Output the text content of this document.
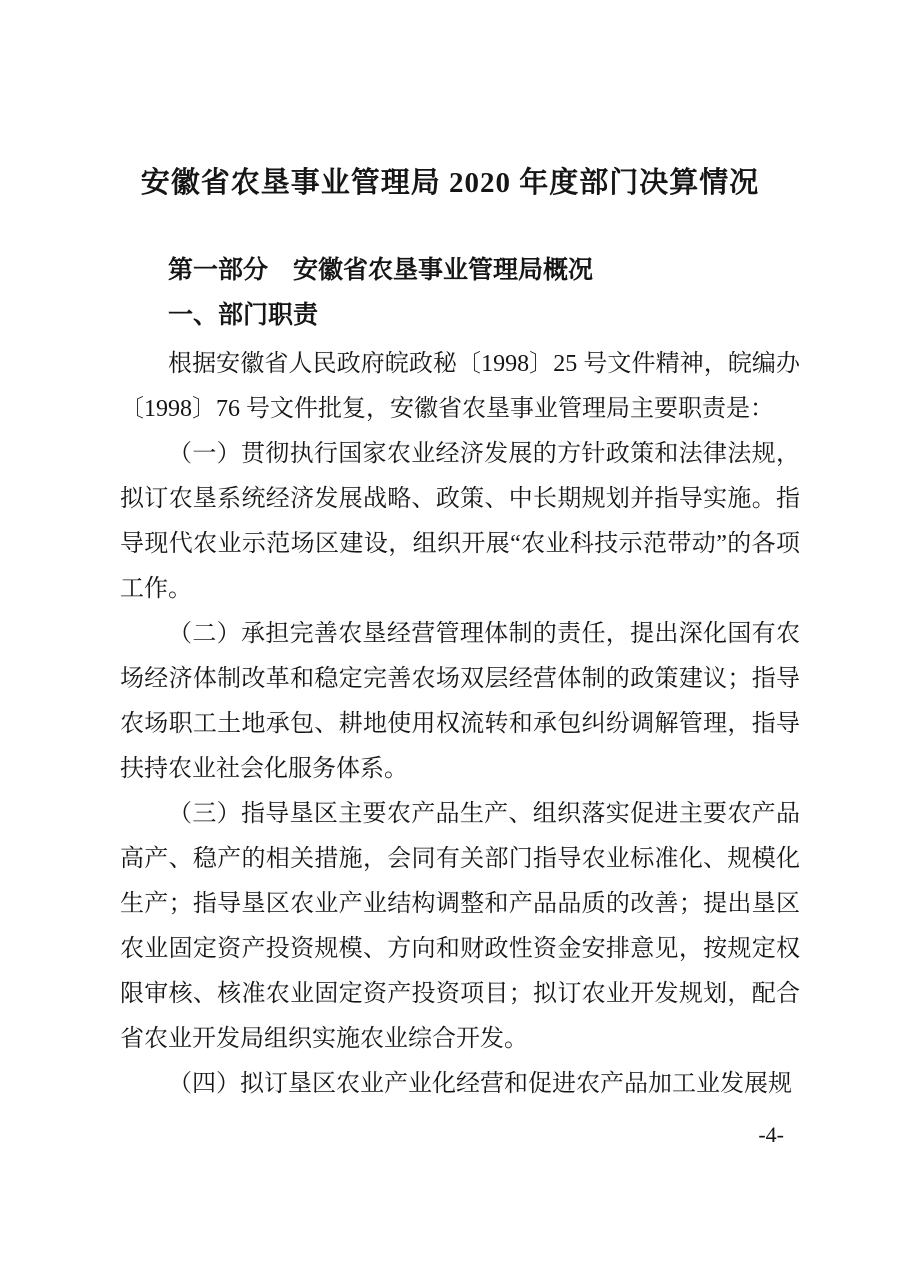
安徽省农垦事业管理局 2020 年度部门决算情况
第一部分　安徽省农垦事业管理局概况
一、部门职责

根据安徽省人民政府皖政秘〔1998〕25 号文件精神，皖编办〔1998〕76 号文件批复，安徽省农垦事业管理局主要职责是：

（一）贯彻执行国家农业经济发展的方针政策和法律法规，拟订农垦系统经济发展战略、政策、中长期规划并指导实施。指导现代农业示范场区建设，组织开展“农业科技示范带动”的各项工作。

（二）承担完善农垦经营管理体制的责任，提出深化国有农场经济体制改革和稳定完善农场双层经营体制的政策建议；指导农场职工土地承包、耕地使用权流转和承包纠纷调解管理，指导扶持农业社会化服务体系。

（三）指导垦区主要农产品生产、组织落实促进主要农产品高产、稳产的相关措施，会同有关部门指导农业标准化、规模化生产；指导垦区农业产业结构调整和产品品质的改善；提出垦区农业固定资产投资规模、方向和财政性资金安排意见，按规定权限审核、核准农业固定资产投资项目；拟订农业开发规划，配合省农业开发局组织实施农业综合开发。

（四）拟订垦区农业产业化经营和促进农产品加工业发展规

-4-
